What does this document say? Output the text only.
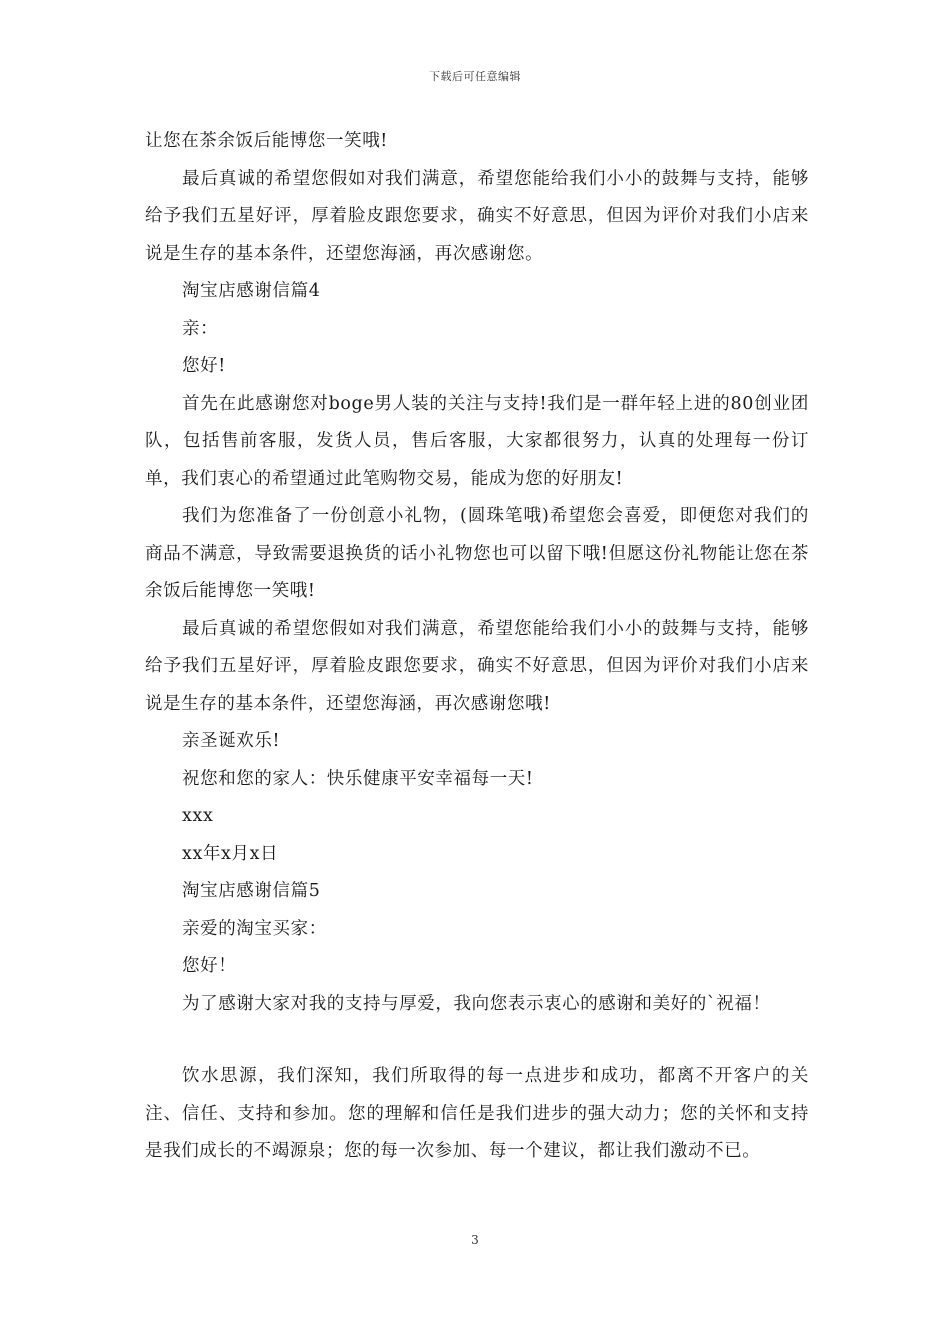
下载后可任意编辑

让您在茶余饭后能博您一笑哦!

最后真诚的希望您假如对我们满意，希望您能给我们小小的鼓舞与支持，能够给予我们五星好评，厚着脸皮跟您要求，确实不好意思，但因为评价对我们小店来说是生存的基本条件，还望您海涵，再次感谢您。

淘宝店感谢信篇4

亲：

您好!

首先在此感谢您对boge男人装的关注与支持!我们是一群年轻上进的80创业团队，包括售前客服，发货人员，售后客服，大家都很努力，认真的处理每一份订单，我们衷心的希望通过此笔购物交易，能成为您的好朋友!

我们为您准备了一份创意小礼物，(圆珠笔哦)希望您会喜爱，即便您对我们的商品不满意，导致需要退换货的话小礼物您也可以留下哦!但愿这份礼物能让您在茶余饭后能博您一笑哦!

最后真诚的希望您假如对我们满意，希望您能给我们小小的鼓舞与支持，能够给予我们五星好评，厚着脸皮跟您要求，确实不好意思，但因为评价对我们小店来说是生存的基本条件，还望您海涵，再次感谢您哦!

亲圣诞欢乐!

祝您和您的家人：快乐健康平安幸福每一天!

xxx

xx年x月x日

淘宝店感谢信篇5

亲爱的淘宝买家：

您好！

为了感谢大家对我的支持与厚爱，我向您表示衷心的感谢和美好的`祝福！

饮水思源，我们深知，我们所取得的每一点进步和成功，都离不开客户的关注、信任、支持和参加。您的理解和信任是我们进步的强大动力；您的关怀和支持是我们成长的不竭源泉；您的每一次参加、每一个建议，都让我们激动不已。

3
